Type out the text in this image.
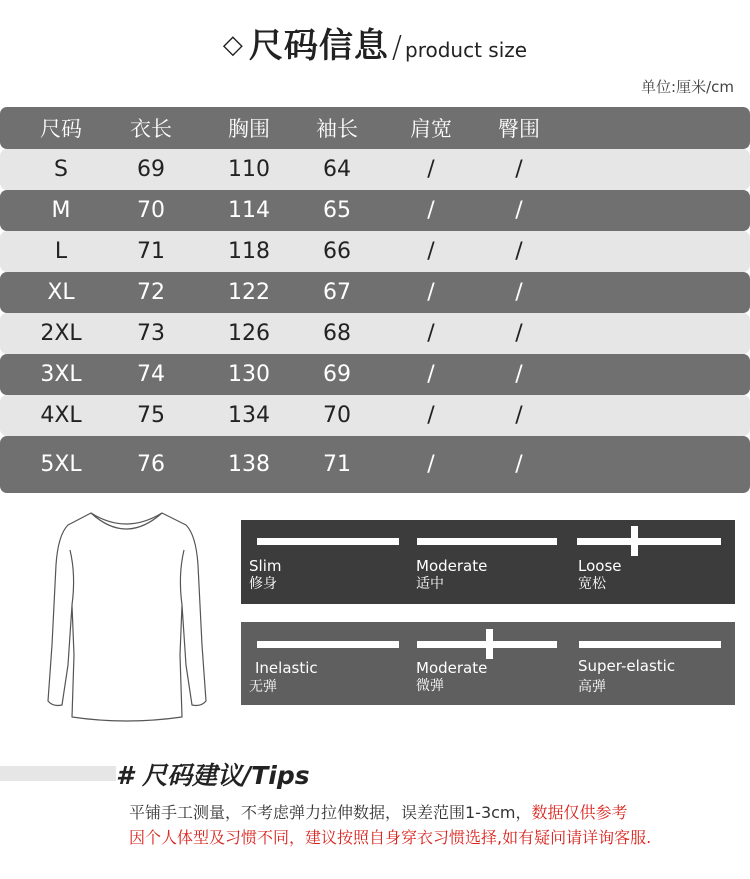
◇ 尺码信息 / product size
单位:厘米/cm
尺码	衣长	胸围	袖长	肩宽	臀围
S	69	110	64	/	/
M	70	114	65	/	/
L	71	118	66	/	/
XL	72	122	67	/	/
2XL	73	126	68	/	/
3XL	74	130	69	/	/
4XL	75	134	70	/	/
5XL	76	138	71	/	/
Slim
修身
Moderate
适中
Loose
宽松
Inelastic
无弹
Moderate
微弹
Super-elastic
高弹
# 尺码建议/Tips
平铺手工测量，不考虑弹力拉伸数据，误差范围1-3cm，数据仅供参考
因个人体型及习惯不同，建议按照自身穿衣习惯选择,如有疑问请详询客服.
